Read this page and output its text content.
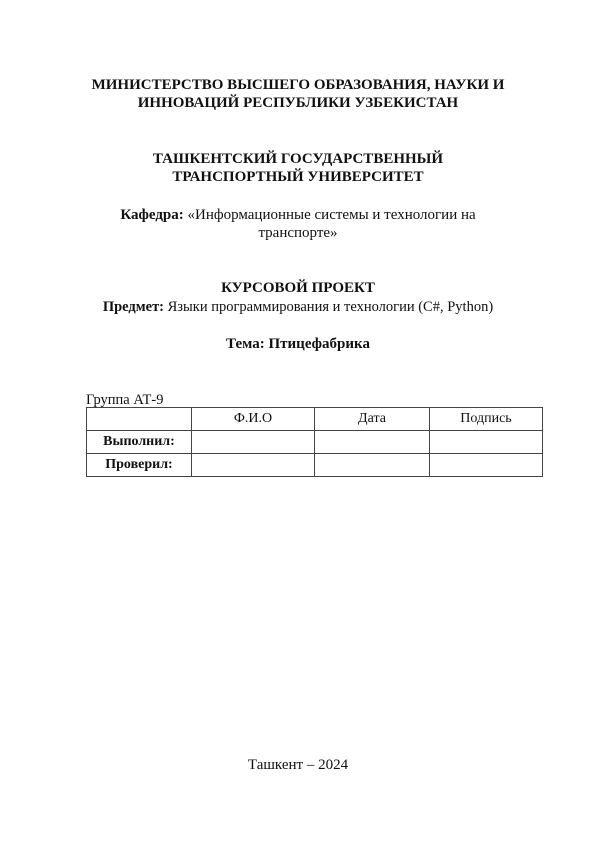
МИНИСТЕРСТВО ВЫСШЕГО ОБРАЗОВАНИЯ, НАУКИ И
ИННОВАЦИЙ РЕСПУБЛИКИ УЗБЕКИСТАН
ТАШКЕНТСКИЙ ГОСУДАРСТВЕННЫЙ
ТРАНСПОРТНЫЙ УНИВЕРСИТЕТ
Кафедра: «Информационные системы и технологии на
транспорте»
КУРСОВОЙ ПРОЕКТ
Предмет: Языки программирования и технологии (C#, Python)
Тема: Птицефабрика
Группа АТ-9
	Ф.И.О	Дата	Подпись
Выполнил:			
Проверил:			
Ташкент – 2024
